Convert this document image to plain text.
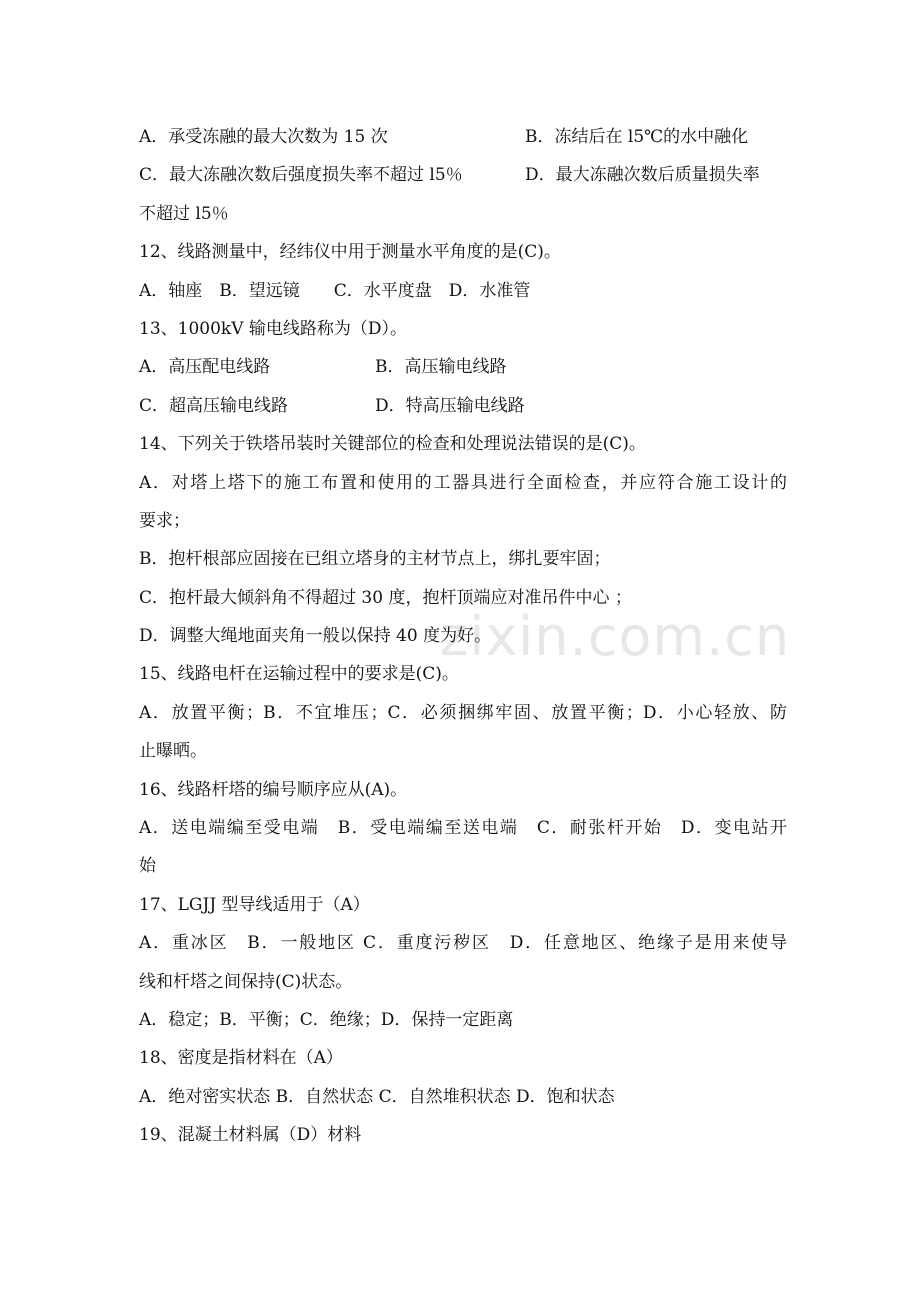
zixin.com.cn
A．承受冻融的最大次数为 15 次	B．冻结后在 l5℃的水中融化
C．最大冻融次数后强度损失率不超过 l5％	D．最大冻融次数后质量损失率
不超过 l5％
12、线路测量中，经纬仪中用于测量水平角度的是(C)。
A．轴座　B．望远镜　　C．水平度盘　D．水准管
13、1000kV 输电线路称为（D）。
A．高压配电线路	B．高压输电线路
C．超高压输电线路	D．特高压输电线路
14、下列关于铁塔吊装时关键部位的检查和处理说法错误的是(C)。
A．对塔上塔下的施工布置和使用的工器具进行全面检查，并应符合施工设计的
要求；
B．抱杆根部应固接在已组立塔身的主材节点上，绑扎要牢固；
C．抱杆最大倾斜角不得超过 30 度，抱杆顶端应对准吊件中心 ；
D．调整大绳地面夹角一般以保持 40 度为好。
15、线路电杆在运输过程中的要求是(C)。
A．放置平衡；B．不宜堆压；C．必须捆绑牢固、放置平衡；D．小心轻放、防
止曝晒。
16、线路杆塔的编号顺序应从(A)。
A．送电端编至受电端　B．受电端编至送电端　C．耐张杆开始　D．变电站开
始
17、LGJJ 型导线适用于（A）
A．重冰区　B．一般地区 C．重度污秽区　D．任意地区、绝缘子是用来使导
线和杆塔之间保持(C)状态。
A．稳定；B．平衡；C．绝缘；D．保持一定距离
18、密度是指材料在（A）
A．绝对密实状态 B．自然状态 C．自然堆积状态 D．饱和状态
19、混凝土材料属（D）材料
